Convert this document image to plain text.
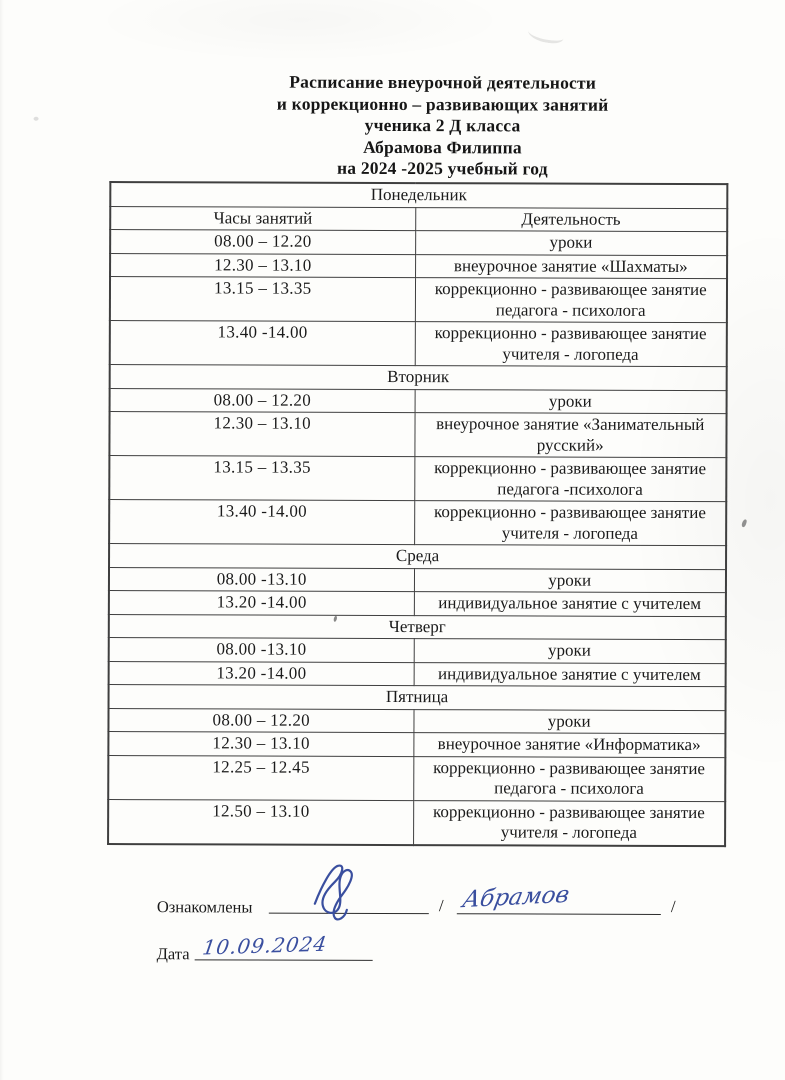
Расписание внеурочной деятельности
и коррекционно – развивающих занятий
ученика 2 Д класса
Абрамова Филиппа
на 2024 -2025 учебный год
Понедельник	
Часы занятий	Деятельность
08.00 – 12.20	уроки
12.30 – 13.10	внеурочное занятие «Шахматы»
13.15 – 13.35	коррекционно - развивающее занятие педагога - психолога
13.40 -14.00	коррекционно - развивающее занятие учителя - логопеда
Вторник	
08.00 – 12.20	уроки
12.30 – 13.10	внеурочное занятие «Занимательный русский»
13.15 – 13.35	коррекционно - развивающее занятие педагога -психолога
13.40 -14.00	коррекционно - развивающее занятие учителя - логопеда
Среда	
08.00 -13.10	уроки
13.20 -14.00	индивидуальное занятие с учителем
Четверг	
08.00 -13.10	уроки
13.20 -14.00	индивидуальное занятие с учителем
Пятница	
08.00 – 12.20	уроки
12.30 – 13.10	внеурочное занятие «Информатика»
12.25 – 12.45	коррекционно - развивающее занятие педагога - психолога
12.50 – 13.10	коррекционно - развивающее занятие учителя - логопеда
Ознакомлены	/ Абрамов	/
Дата 10.09.2024
